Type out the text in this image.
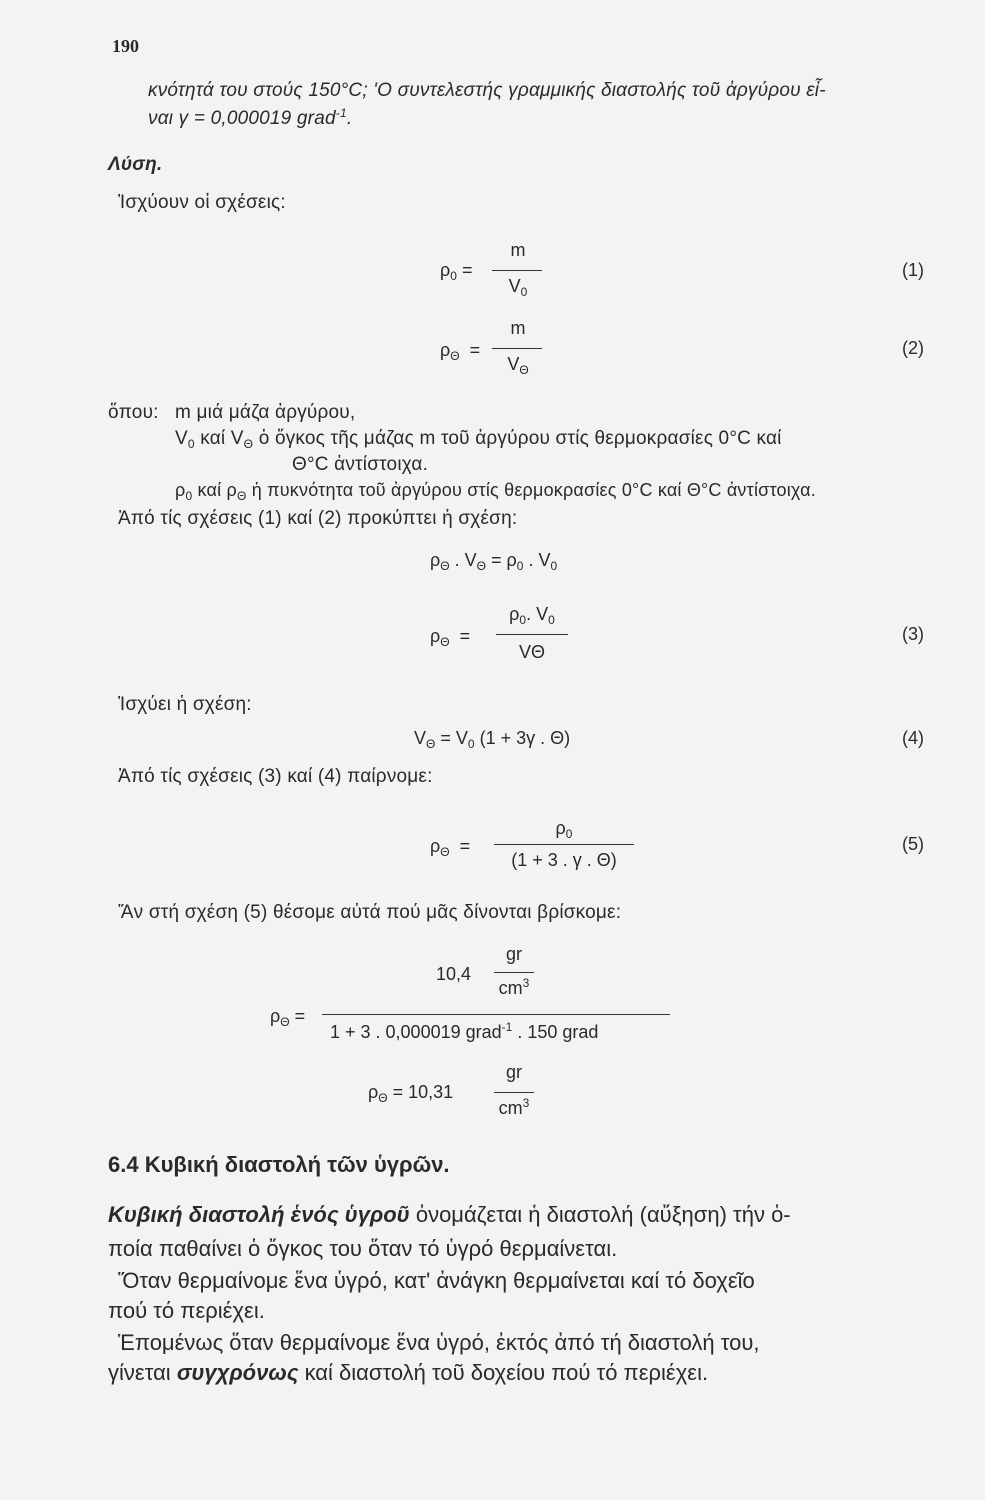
190
κνότητά του στούς 150°C; 'Ο συντελεστής γραμμικής διαστολής τοῦ ἀργύρου εἶ-
ναι γ = 0,000019 grad$^{-1}$.
Λύση.
Ἰσχύουν οἱ σχέσεις:
$\rho_0$ =
m
$V_0$
(1)
$\rho_\Theta$ =
m
$V_\Theta$
(2)
ὅπου: m μιά μάζα ἀργύρου,
$V_0$ καί $V_\Theta$ ὁ ὄγκος τῆς μάζας m τοῦ ἀργύρου στίς θερμοκρασίες 0°C καί
Θ°C ἀντίστοιχα.
$\rho_0$ καί $\rho_\Theta$ ἡ πυκνότητα τοῦ ἀργύρου στίς θερμοκρασίες 0°C καί Θ°C ἀντίστοιχα.
Ἀπό τίς σχέσεις (1) καί (2) προκύπτει ἡ σχέση:
$\rho_\Theta$ . $V_\Theta = \rho_0$ . $V_0$
$\rho_\Theta$ =
$\rho_0$. $V_0$
VΘ
(3)
Ἰσχύει ἡ σχέση:
$V_\Theta = V_0$ (1 + 3γ . Θ)	(4)
Ἀπό τίς σχέσεις (3) καί (4) παίρνομε:
$\rho_\Theta$ =
$\rho_0$
(1 + 3 . γ . Θ)
(5)
Ἄν στή σχέση (5) θέσομε αὐτά πού μᾶς δίνονται βρίσκομε:
10,4
gr
$cm^3$
$\rho_\Theta$ =
1 + 3 . 0,000019 grad$^{-1}$ . 150 grad
$\rho_\Theta = 10,31$
gr
$cm^3$
6.4 Κυβική διαστολή τῶν ὑγρῶν.
Κυβική διαστολή ἑνός ὑγροῦ ὀνομάζεται ἡ διαστολή (αὔξηση) τήν ὁ-
ποία παθαίνει ὁ ὄγκος του ὅταν τό ὑγρό θερμαίνεται.
Ὅταν θερμαίνομε ἕνα ὑγρό, κατ' ἀνάγκη θερμαίνεται καί τό δοχεῖο
πού τό περιέχει.
Ἑπομένως ὅταν θερμαίνομε ἕνα ὑγρό, ἐκτός ἀπό τή διαστολή του,
γίνεται συγχρόνως καί διαστολή τοῦ δοχείου πού τό περιέχει.
